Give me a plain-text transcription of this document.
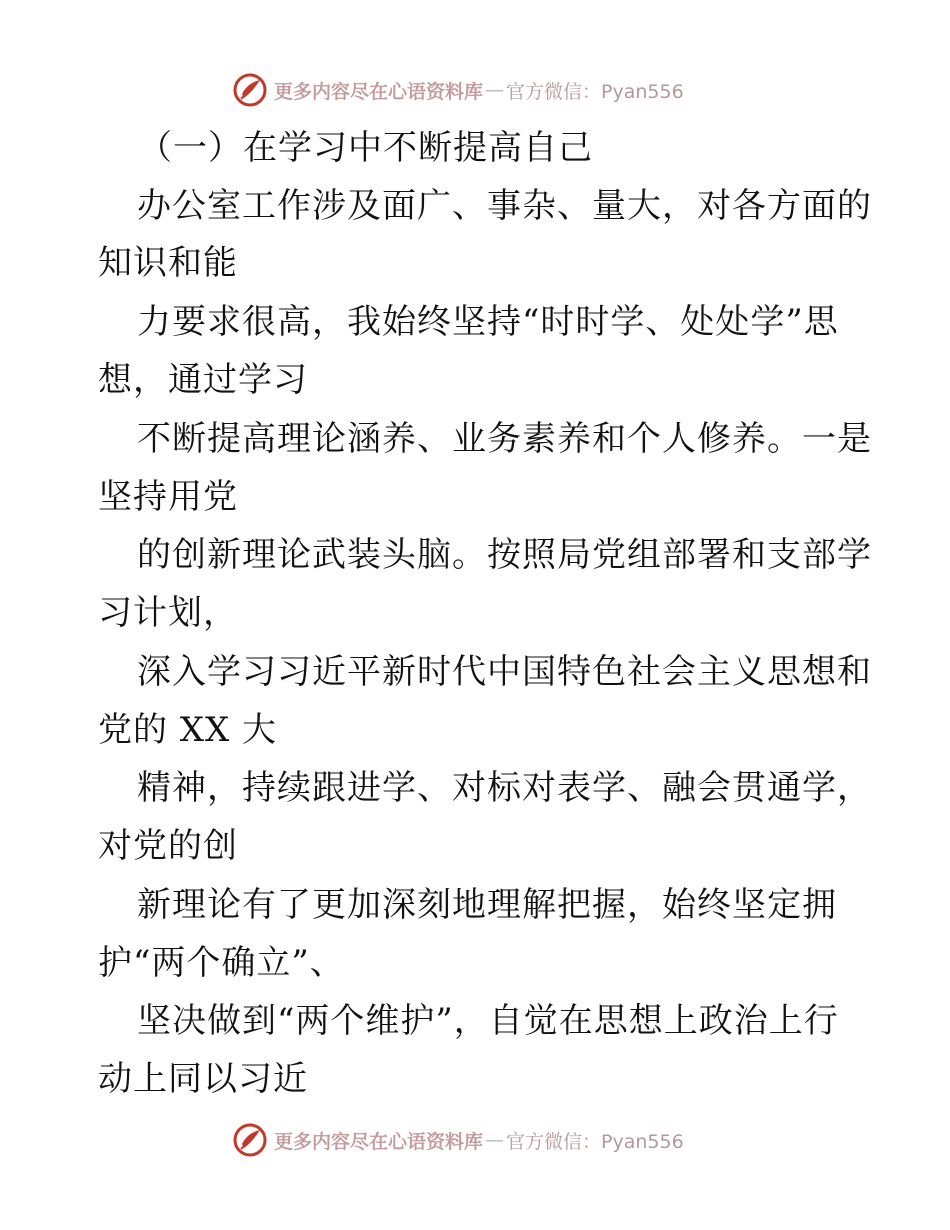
更多内容尽在心语资料库 — 官方微信：Pyan556
（一）在学习中不断提高自己
办公室工作涉及面广、事杂、量大，对各方面的
知识和能
力要求很高，我始终坚持“时时学、处处学”思
想，通过学习
不断提高理论涵养、业务素养和个人修养。一是
坚持用党
的创新理论武装头脑。按照局党组部署和支部学
习计划，
深入学习习近平新时代中国特色社会主义思想和
党的 XX 大
精神，持续跟进学、对标对表学、融会贯通学，
对党的创
新理论有了更加深刻地理解把握，始终坚定拥
护“两个确立”、
坚决做到“两个维护”，自觉在思想上政治上行
动上同以习近
更多内容尽在心语资料库 — 官方微信：Pyan556
